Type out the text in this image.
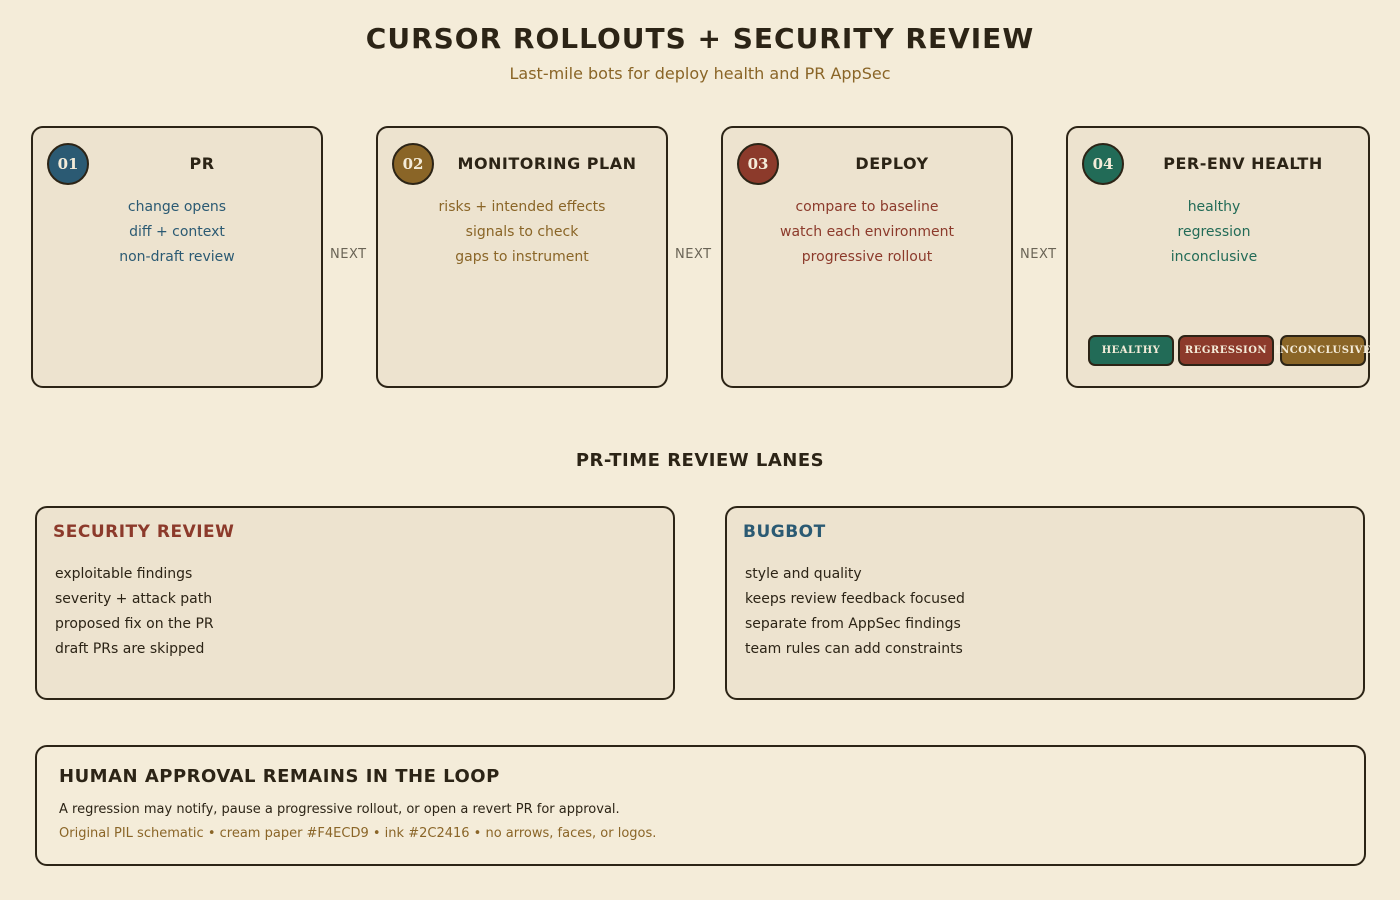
CURSOR ROLLOUTS + SECURITY REVIEW
Last-mile bots for deploy health and PR AppSec
01	PR
change opens
diff + context
non-draft review	NEXT
02	MONITORING PLAN
risks + intended effects
signals to check
gaps to instrument	NEXT
03	DEPLOY
compare to baseline
watch each environment
progressive rollout	NEXT
04	PER-ENV HEALTH
healthy
regression
inconclusive
HEALTHY	REGRESSION INCONCLUSIVE
PR-TIME REVIEW LANES
SECURITY REVIEW
exploitable findings
severity + attack path
proposed fix on the PR
draft PRs are skipped
BUGBOT
style and quality
keeps review feedback focused
separate from AppSec findings
team rules can add constraints
HUMAN APPROVAL REMAINS IN THE LOOP
A regression may notify, pause a progressive rollout, or open a revert PR for approval.
Original PIL schematic • cream paper #F4ECD9 • ink #2C2416 • no arrows, faces, or logos.
